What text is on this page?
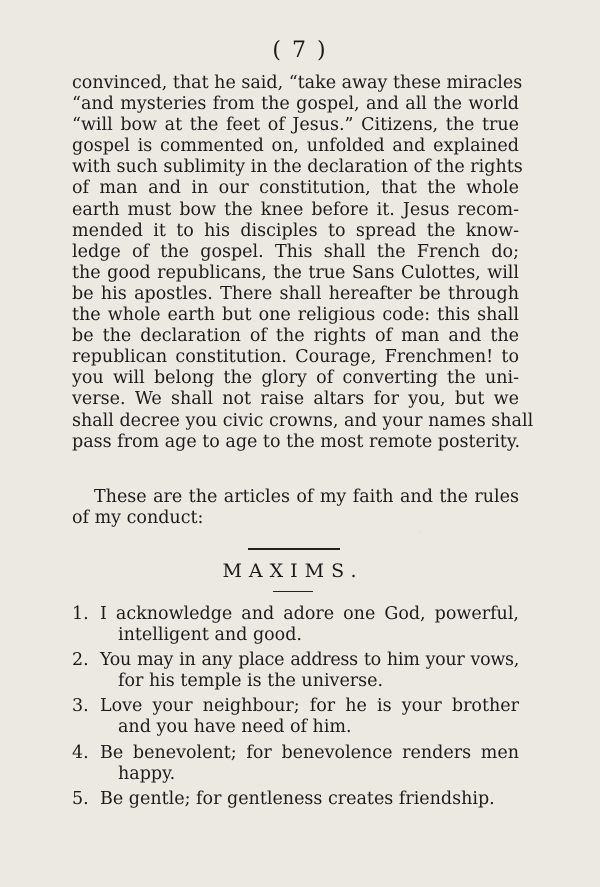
( 7 )
convinced, that he said, “take away these miracles
“and mysteries from the gospel, and all the world
“will bow at the feet of Jesus.” Citizens, the true
gospel is commented on, unfolded and explained
with such sublimity in the declaration of the rights
of man and in our constitution, that the whole
earth must bow the knee before it. Jesus recom-
mended it to his disciples to spread the know-
ledge of the gospel. This shall the French do;
the good republicans, the true Sans Culottes, will
be his apostles. There shall hereafter be through
the whole earth but one religious code: this shall
be the declaration of the rights of man and the
republican constitution. Courage, Frenchmen! to
you will belong the glory of converting the uni-
verse. We shall not raise altars for you, but we
shall decree you civic crowns, and your names shall
pass from age to age to the most remote posterity.
These are the articles of my faith and the rules
of my conduct:
MAXIMS.
1. I acknowledge and adore one God, powerful,
intelligent and good.
2. You may in any place address to him your vows,
for his temple is the universe.
3. Love your neighbour; for he is your brother
and you have need of him.
4. Be benevolent; for benevolence renders men
happy.
5. Be gentle; for gentleness creates friendship.
